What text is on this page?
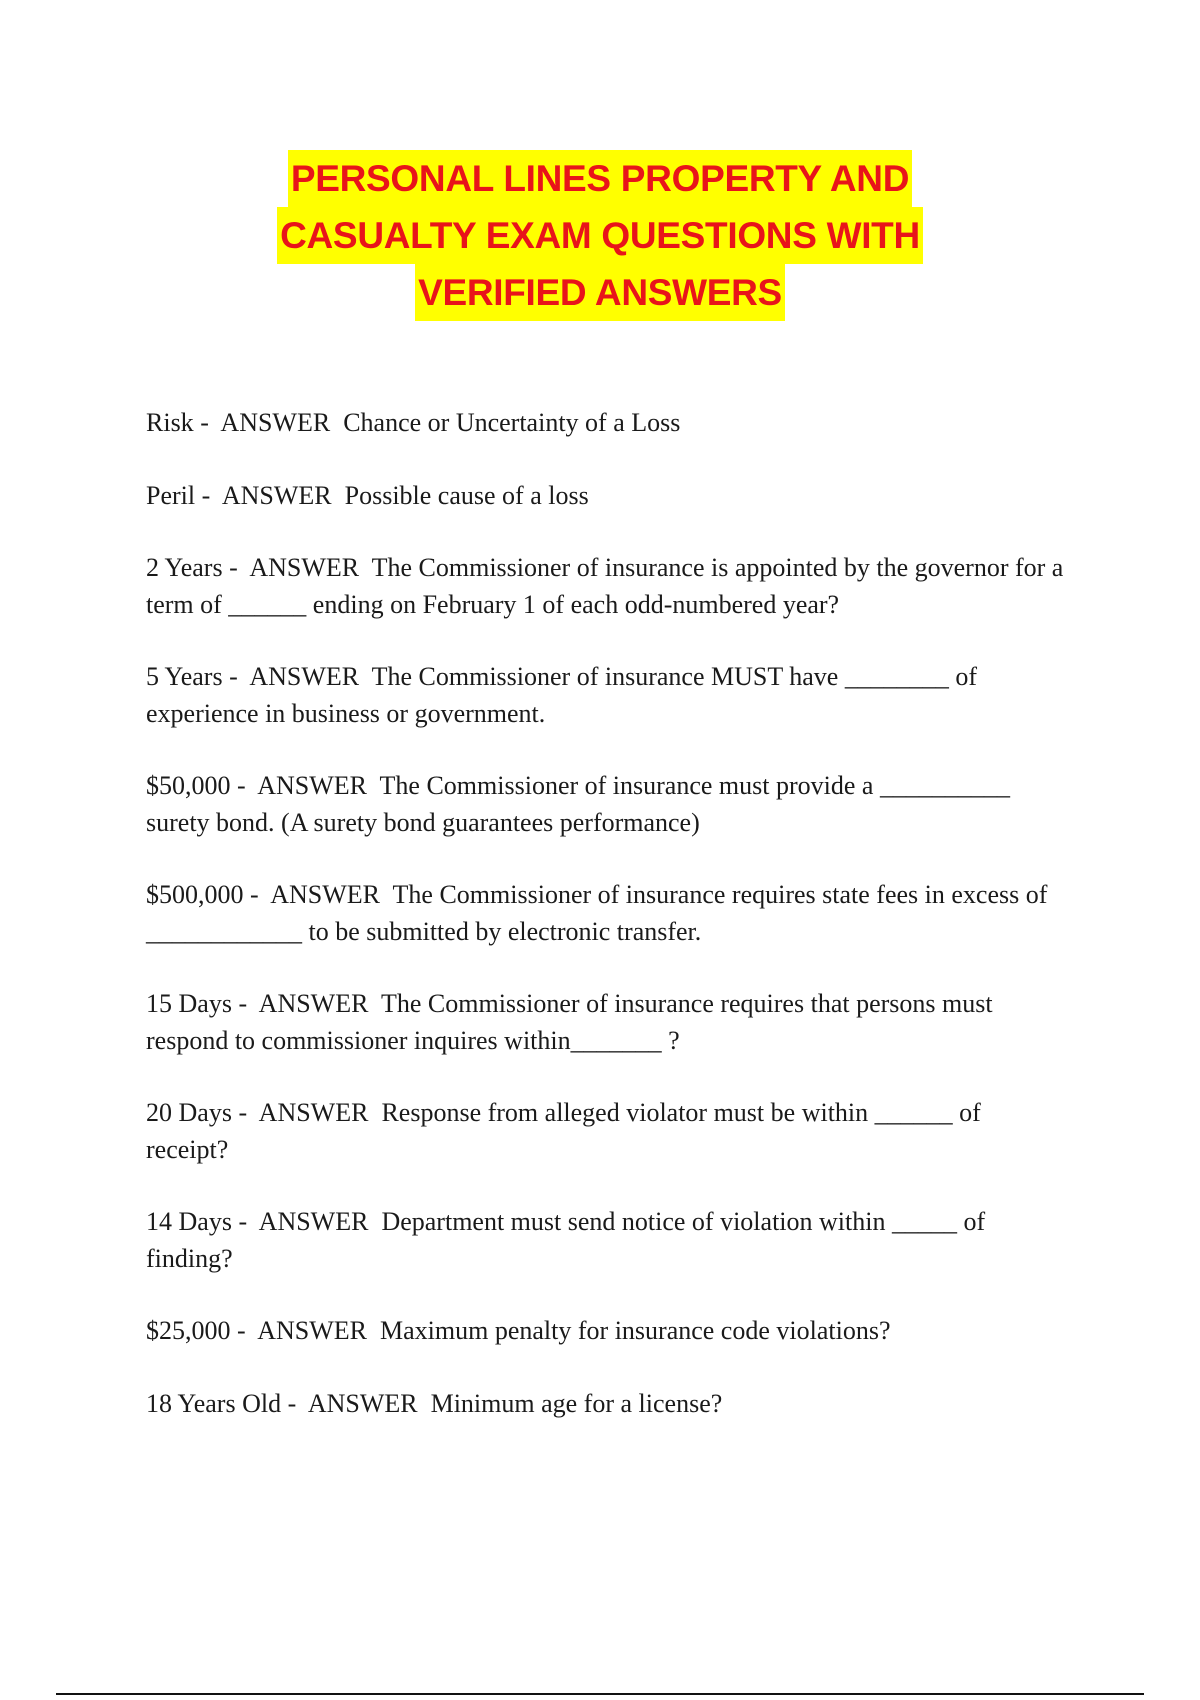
PERSONAL LINES PROPERTY AND
CASUALTY EXAM QUESTIONS WITH
VERIFIED ANSWERS

Risk -  ANSWER Chance or Uncertainty of a Loss

Peril -  ANSWER Possible cause of a loss

2 Years -  ANSWER The Commissioner of insurance is appointed by the governor for a term of ______ ending on February 1 of each odd-numbered year?

5 Years -  ANSWER The Commissioner of insurance MUST have ________ of experience in business or government.

$50,000 -  ANSWER The Commissioner of insurance must provide a __________ surety bond. (A surety bond guarantees performance)

$500,000 -  ANSWER The Commissioner of insurance requires state fees in excess of ____________ to be submitted by electronic transfer.

15 Days -  ANSWER The Commissioner of insurance requires that persons must respond to commissioner inquires within_______ ?

20 Days -  ANSWER Response from alleged violator must be within ______ of receipt?

14 Days -  ANSWER Department must send notice of violation within _____ of finding?

$25,000 -  ANSWER Maximum penalty for insurance code violations?

18 Years Old -  ANSWER Minimum age for a license?
